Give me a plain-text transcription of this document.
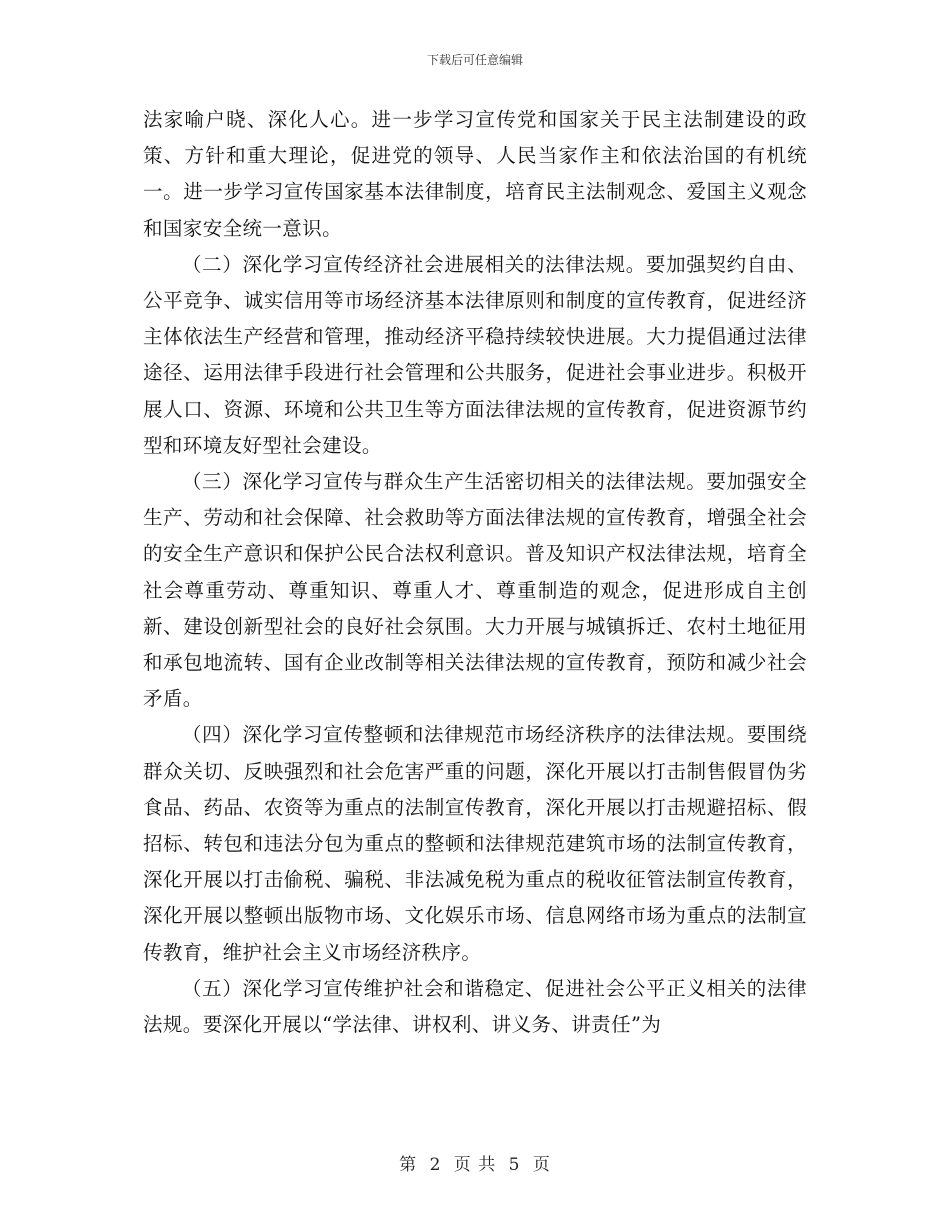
下载后可任意编辑

法家喻户晓、深化人心。进一步学习宣传党和国家关于民主法制建设的政策、方针和重大理论，促进党的领导、人民当家作主和依法治国的有机统一。进一步学习宣传国家基本法律制度，培育民主法制观念、爱国主义观念和国家安全统一意识。

（二）深化学习宣传经济社会进展相关的法律法规。要加强契约自由、公平竞争、诚实信用等市场经济基本法律原则和制度的宣传教育，促进经济主体依法生产经营和管理，推动经济平稳持续较快进展。大力提倡通过法律途径、运用法律手段进行社会管理和公共服务，促进社会事业进步。积极开展人口、资源、环境和公共卫生等方面法律法规的宣传教育，促进资源节约型和环境友好型社会建设。

（三）深化学习宣传与群众生产生活密切相关的法律法规。要加强安全生产、劳动和社会保障、社会救助等方面法律法规的宣传教育，增强全社会的安全生产意识和保护公民合法权利意识。普及知识产权法律法规，培育全社会尊重劳动、尊重知识、尊重人才、尊重制造的观念，促进形成自主创新、建设创新型社会的良好社会氛围。大力开展与城镇拆迁、农村土地征用和承包地流转、国有企业改制等相关法律法规的宣传教育，预防和减少社会矛盾。

（四）深化学习宣传整顿和法律规范市场经济秩序的法律法规。要围绕群众关切、反映强烈和社会危害严重的问题，深化开展以打击制售假冒伪劣食品、药品、农资等为重点的法制宣传教育，深化开展以打击规避招标、假招标、转包和违法分包为重点的整顿和法律规范建筑市场的法制宣传教育，深化开展以打击偷税、骗税、非法减免税为重点的税收征管法制宣传教育，深化开展以整顿出版物市场、文化娱乐市场、信息网络市场为重点的法制宣传教育，维护社会主义市场经济秩序。

（五）深化学习宣传维护社会和谐稳定、促进社会公平正义相关的法律法规。要深化开展以“学法律、讲权利、讲义务、讲责任”为

第 2 页 共 5 页
